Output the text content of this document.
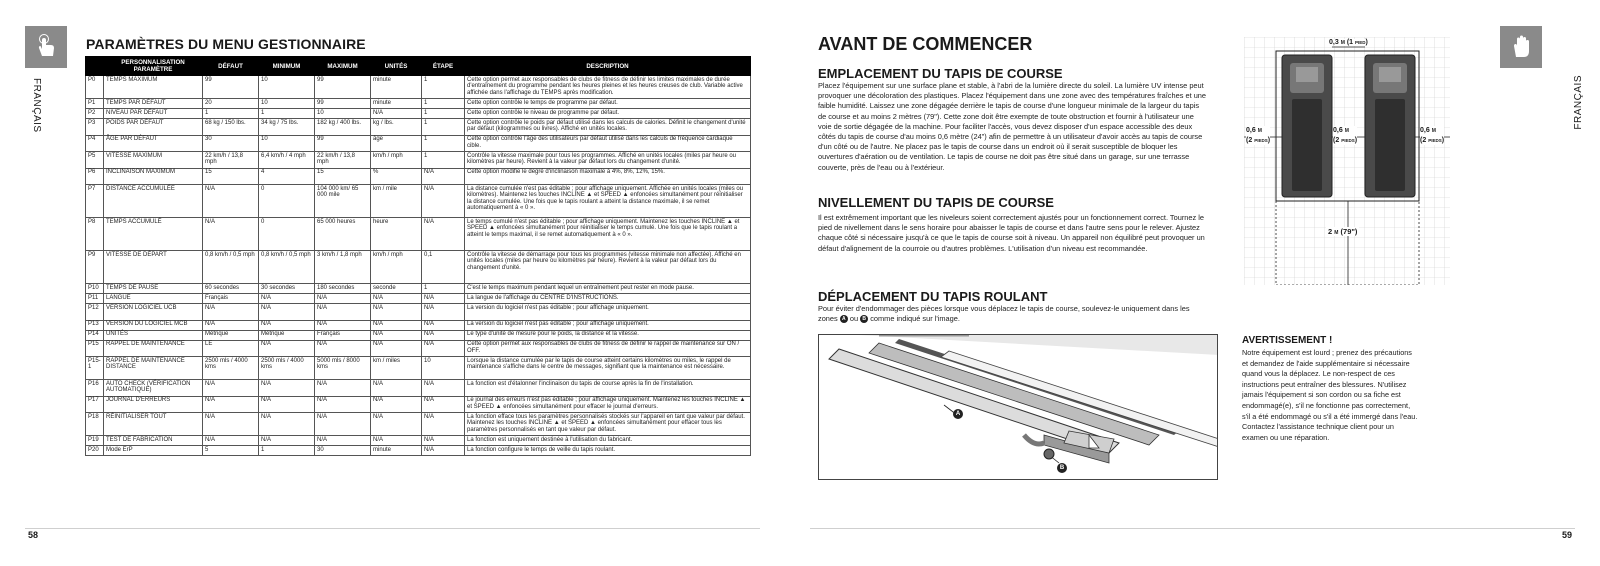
FRANÇAIS
PARAMÈTRES DU MENU GESTIONNAIRE
	PERSONNALISATION PARAMÈTRE	DÉFAUT	MINIMUM	MAXIMUM	UNITÉS	ÉTAPE	DESCRIPTION
P0	TEMPS MAXIMUM	99	10	99	minute	1	Cette option permet aux responsables de clubs de fitness de définir les limites maximales de durée d'entraînement du programme pendant les heures pleines et les heures creuses de club. Variable active affichée dans l'affichage du TEMPS après modification.
P1	TEMPS PAR DÉFAUT	20	10	99	minute	1	Cette option contrôle le temps de programme par défaut.
P2	NIVEAU PAR DÉFAUT	1	1	10	N/A	1	Cette option contrôle le niveau de programme par défaut.
P3	POIDS PAR DÉFAUT	68 kg / 150 lbs.	34 kg / 75 lbs.	182 kg / 400 lbs.	kg / lbs.	1	Cette option contrôle le poids par défaut utilisé dans les calculs de calories. Définit le changement d'unité par défaut (kilogrammes ou livres). Affiché en unités locales.
P4	ÂGE PAR DÉFAUT	30	10	99	âge	1	Cette option contrôle l'âge des utilisateurs par défaut utilisé dans les calculs de fréquence cardiaque cible.
P5	VITESSE MAXIMUM	22 km/h / 13,8 mph	6,4 km/h / 4 mph	22 km/h / 13,8 mph	km/h / mph	1	Contrôle la vitesse maximale pour tous les programmes. Affiché en unités locales (miles par heure ou kilomètres par heure). Revient à la valeur par défaut lors du changement d'unité.
P6	INCLINAISON MAXIMUM	15	4	15	%	N/A	Cette option modifie le degré d'inclinaison maximale à 4%, 8%, 12%, 15%.
P7	DISTANCE ACCUMULÉE	N/A	0	104 000 km/ 65 000 mile	km / mile	N/A	La distance cumulée n'est pas éditable ; pour affichage uniquement. Affichée en unités locales (miles ou kilomètres). Maintenez les touches INCLINE ▲ et SPEED ▲ enfoncées simultanément pour réinitialiser la distance cumulée. Une fois que le tapis roulant a atteint la distance maximale, il se remet automatiquement à « 0 ».
P8	TEMPS ACCUMULÉ	N/A	0	65 000 heures	heure	N/A	Le temps cumulé n'est pas éditable ; pour affichage uniquement. Maintenez les touches INCLINE ▲ et SPEED ▲ enfoncées simultanément pour réinitialiser le temps cumulé. Une fois que le tapis roulant a atteint le temps maximal, il se remet automatiquement à « 0 ».
P9	VITESSE DE DÉPART	0,8 km/h / 0,5 mph	0,8 km/h / 0,5 mph	3 km/h / 1,8 mph	km/h / mph	0,1	Contrôle la vitesse de démarrage pour tous les programmes (vitesse minimale non affectée). Affiché en unités locales (miles par heure ou kilomètres par heure). Revient à la valeur par défaut lors du changement d'unité.
P10	TEMPS DE PAUSE	60 secondes	30 secondes	180 secondes	seconde	1	C'est le temps maximum pendant lequel un entraînement peut rester en mode pause.
P11	LANGUE	Français	N/A	N/A	N/A	N/A	La langue de l'affichage du CENTRE D'INSTRUCTIONS.
P12	VERSION LOGICIEL UCB	N/A	N/A	N/A	N/A	N/A	La version du logiciel n'est pas éditable ; pour affichage uniquement.
P13	VERSION DU LOGICIEL MCB	N/A	N/A	N/A	N/A	N/A	La version du logiciel n'est pas éditable ; pour affichage uniquement.
P14	UNITÉS	Métrique	Métrique	Français	N/A	N/A	Le type d'unité de mesure pour le poids, la distance et la vitesse.
P15	RAPPEL DE MAINTENANCE	LE	N/A	N/A	N/A	N/A	Cette option permet aux responsables de clubs de fitness de définir le rappel de maintenance sur ON / OFF.
P15-1	RAPPEL DE MAINTENANCE DISTANCE	2500 mls / 4000 kms	2500 mls / 4000 kms	5000 mls / 8000 kms	km / miles	10	Lorsque la distance cumulée par le tapis de course atteint certains kilomètres ou miles, le rappel de maintenance s'affiche dans le centre de messages, signifiant que la maintenance est nécessaire.
P16	AUTO CHECK (VÉRIFICATION AUTOMATIQUE)	N/A	N/A	N/A	N/A	N/A	La fonction est d'étalonner l'inclinaison du tapis de course après la fin de l'installation.
P17	JOURNAL D'ERREURS	N/A	N/A	N/A	N/A	N/A	Le journal des erreurs n'est pas éditable ; pour affichage uniquement. Maintenez les touches INCLINE ▲ et SPEED ▲ enfoncées simultanément pour effacer le journal d'erreurs.
P18	RÉINITIALISER TOUT	N/A	N/A	N/A	N/A	N/A	La fonction efface tous les paramètres personnalisés stockés sur l'appareil en tant que valeur par défaut. Maintenez les touches INCLINE ▲ et SPEED ▲ enfoncées simultanément pour effacer tous les paramètres personnalisés en tant que valeur par défaut.
P19	TEST DE FABRICATION	N/A	N/A	N/A	N/A	N/A	La fonction est uniquement destinée à l'utilisation du fabricant.
P20	Mode ErP	5	1	30	minute	N/A	La fonction configure le temps de veille du tapis roulant.
58
AVANT DE COMMENCER
EMPLACEMENT DU TAPIS DE COURSE
Placez l'équipement sur une surface plane et stable, à l'abri de la lumière directe du soleil. La lumière UV intense peut provoquer une décoloration des plastiques. Placez l'équipement dans une zone avec des températures fraîches et une faible humidité. Laissez une zone dégagée derrière le tapis de course d'une longueur minimale de la largeur du tapis de course et au moins 2 mètres (79"). Cette zone doit être exempte de toute obstruction et fournir à l'utilisateur une voie de sortie dégagée de la machine. Pour faciliter l'accès, vous devez disposer d'un espace accessible des deux côtés du tapis de course d'au moins 0,6 mètre (24") afin de permettre à un utilisateur d'avoir accès au tapis de course d'un côté ou de l'autre. Ne placez pas le tapis de course dans un endroit où il serait susceptible de bloquer les ouvertures d'aération ou de ventilation. Le tapis de course ne doit pas être situé dans un garage, sur une terrasse couverte, près de l'eau ou à l'extérieur.
NIVELLEMENT DU TAPIS DE COURSE
Il est extrêmement important que les niveleurs soient correctement ajustés pour un fonctionnement correct. Tournez le pied de nivellement dans le sens horaire pour abaisser le tapis de course et dans l'autre sens pour le relever. Ajustez chaque côté si nécessaire jusqu'à ce que le tapis de course soit à niveau. Un appareil non équilibré peut provoquer un défaut d'alignement de la courroie ou d'autres problèmes. L'utilisation d'un niveau est recommandée.
DÉPLACEMENT DU TAPIS ROULANT
Pour éviter d'endommager des pièces lorsque vous déplacez le tapis de course, soulevez-le uniquement dans les zones A ou B comme indiqué sur l'image.
A
B
0,3 M (1 PIED)
0,6 M
(2 PIEDS)
0,6 M
(2 PIEDS)
0,6 M
(2 PIEDS)
2 M (79")
AVERTISSEMENT !
Notre équipement est lourd ; prenez des précautions et demandez de l'aide supplémentaire si nécessaire quand vous la déplacez. Le non-respect de ces instructions peut entraîner des blessures. N'utilisez jamais l'équipement si son cordon ou sa fiche est endommagé(e), s'il ne fonctionne pas correctement, s'il a été endommagé ou s'il a été immergé dans l'eau. Contactez l'assistance technique client pour un examen ou une réparation.
FRANÇAIS
59
